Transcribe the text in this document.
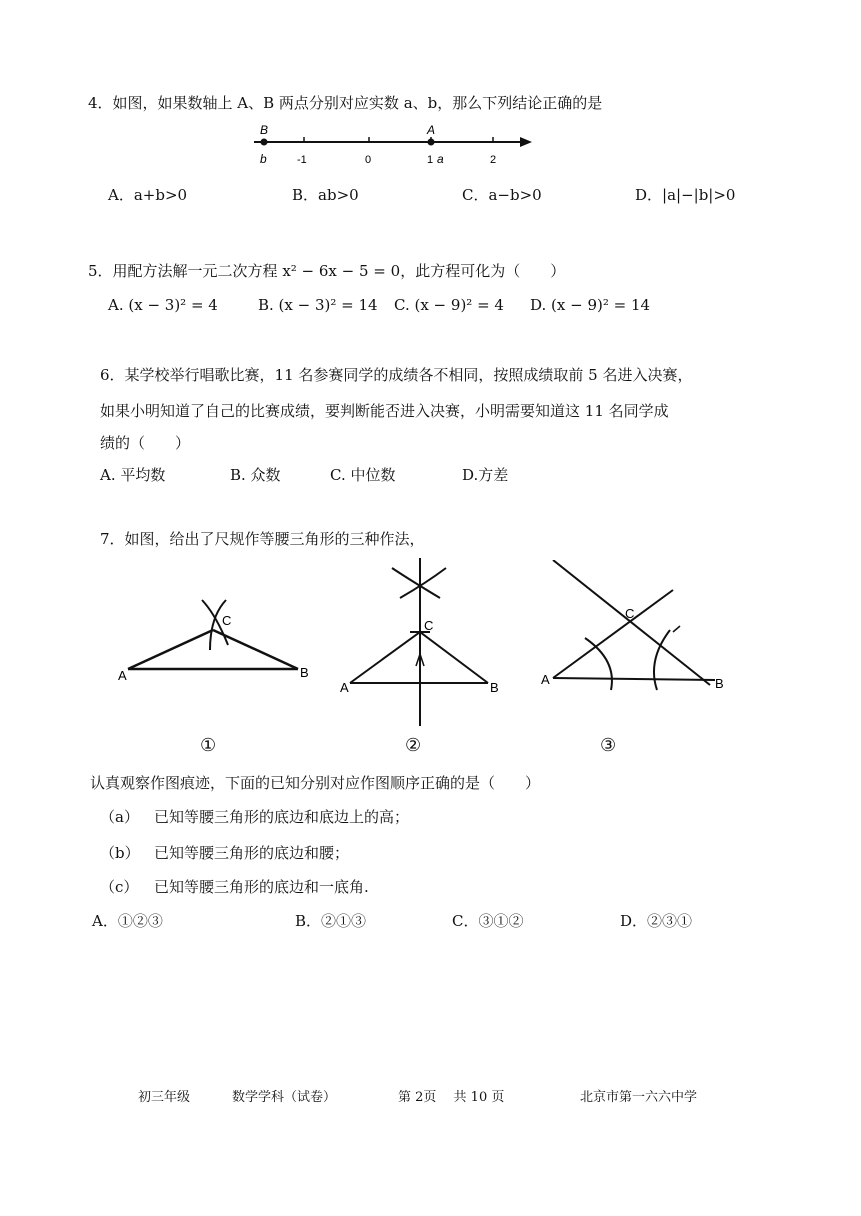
4．如图，如果数轴上 A、B 两点分别对应实数 a、b，那么下列结论正确的是
B	A
b	-1	0	1 a	2
A．a+b>0	B．ab>0	C．a−b>0	D．|a|−|b|>0
5．用配方法解一元二次方程 x² − 6x − 5 = 0，此方程可化为（　　）
A. (x − 3)² = 4	B. (x − 3)² = 14 C. (x − 9)² = 4 D. (x − 9)² = 14
6．某学校举行唱歌比赛，11 名参赛同学的成绩各不相同，按照成绩取前 5 名进入决赛，
如果小明知道了自己的比赛成绩，要判断能否进入决赛，小明需要知道这 11 名同学成
绩的（　　）
A. 平均数	B. 众数	C. 中位数	D.方差
7．如图，给出了尺规作等腰三角形的三种作法，
A	B
C
A	B
C
A	B
C
①	②	③
认真观察作图痕迹，下面的已知分别对应作图顺序正确的是（　　）
（a） 已知等腰三角形的底边和底边上的高；
（b） 已知等腰三角形的底边和腰；
（c） 已知等腰三角形的底边和一底角.
A．①②③	B．②①③	C．③①②	D．②③①
初三年级	数学学科（试卷）	第 2页　 共 10 页	北京市第一六六中学
